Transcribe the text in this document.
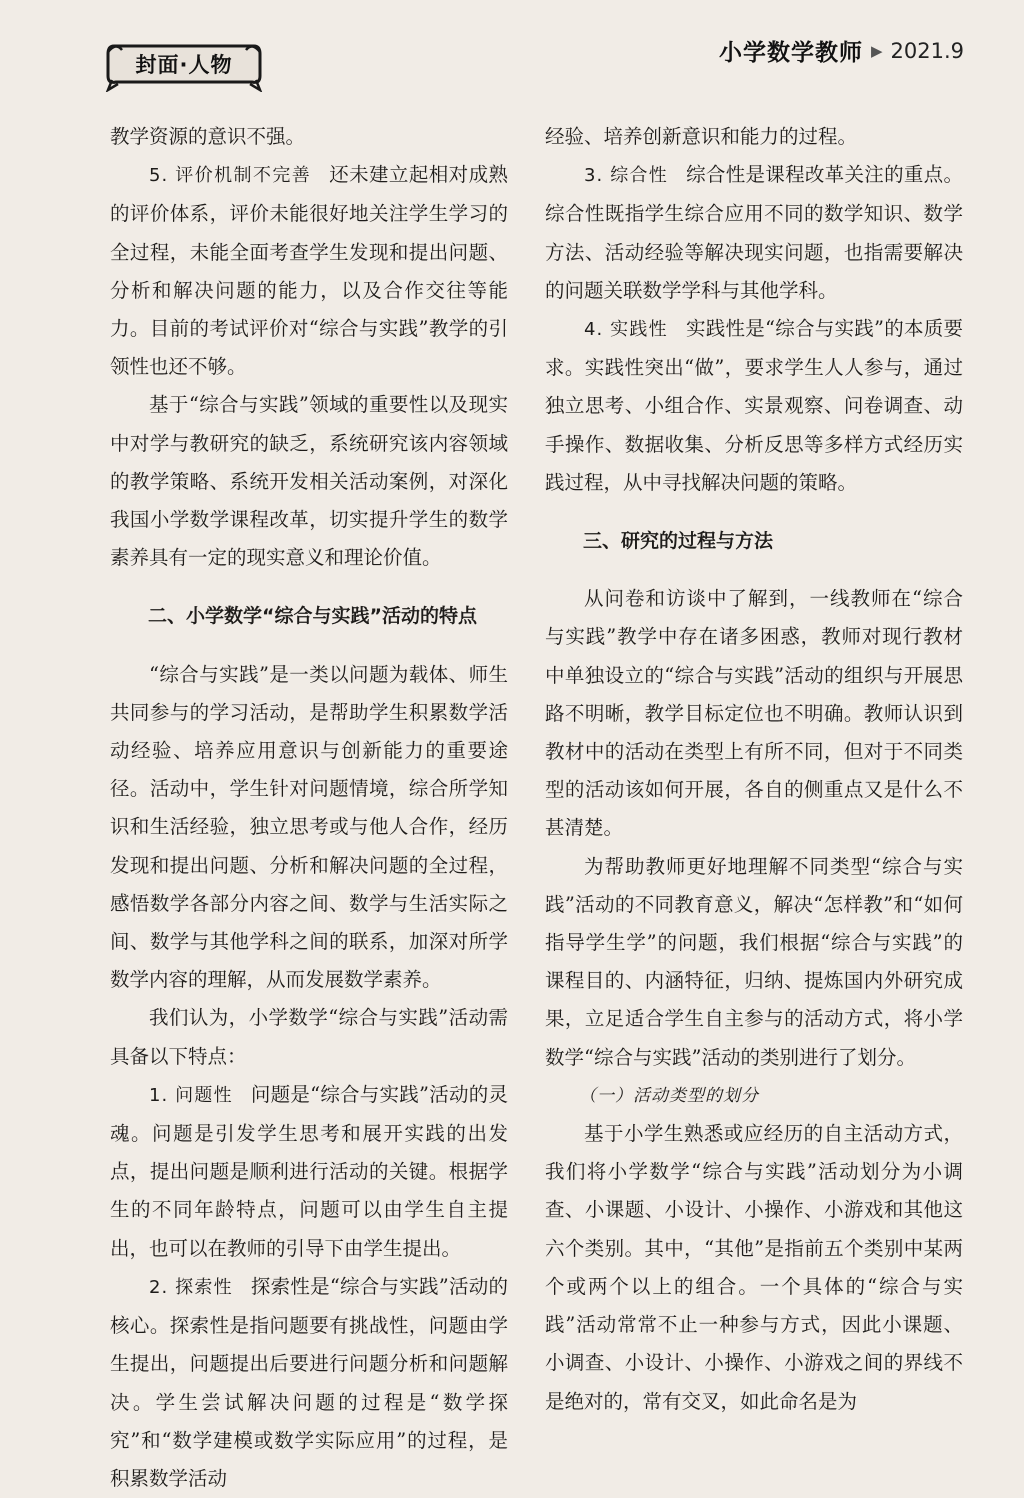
封面·人物	小学数学教师 ▶ 2021.9

教学资源的意识不强。

5. 评价机制不完善 还未建立起相对成熟的评价体系，评价未能很好地关注学生学习的全过程，未能全面考查学生发现和提出问题、分析和解决问题的能力，以及合作交往等能力。目前的考试评价对“综合与实践”教学的引领性也还不够。

基于“综合与实践”领域的重要性以及现实中对学与教研究的缺乏，系统研究该内容领域的教学策略、系统开发相关活动案例，对深化我国小学数学课程改革，切实提升学生的数学素养具有一定的现实意义和理论价值。

二、小学数学“综合与实践”活动的特点

“综合与实践”是一类以问题为载体、师生共同参与的学习活动，是帮助学生积累数学活动经验、培养应用意识与创新能力的重要途径。活动中，学生针对问题情境，综合所学知识和生活经验，独立思考或与他人合作，经历发现和提出问题、分析和解决问题的全过程，感悟数学各部分内容之间、数学与生活实际之间、数学与其他学科之间的联系，加深对所学数学内容的理解，从而发展数学素养。

我们认为，小学数学“综合与实践”活动需具备以下特点：

1. 问题性 问题是“综合与实践”活动的灵魂。问题是引发学生思考和展开实践的出发点，提出问题是顺利进行活动的关键。根据学生的不同年龄特点，问题可以由学生自主提出，也可以在教师的引导下由学生提出。

2. 探索性 探索性是“综合与实践”活动的核心。探索性是指问题要有挑战性，问题由学生提出，问题提出后要进行问题分析和问题解决。学生尝试解决问题的过程是“数学探究”和“数学建模或数学实际应用”的过程，是积累数学活动

经验、培养创新意识和能力的过程。

3. 综合性 综合性是课程改革关注的重点。综合性既指学生综合应用不同的数学知识、数学方法、活动经验等解决现实问题，也指需要解决的问题关联数学学科与其他学科。

4. 实践性 实践性是“综合与实践”的本质要求。实践性突出“做”，要求学生人人参与，通过独立思考、小组合作、实景观察、问卷调查、动手操作、数据收集、分析反思等多样方式经历实践过程，从中寻找解决问题的策略。

三、研究的过程与方法

从问卷和访谈中了解到，一线教师在“综合与实践”教学中存在诸多困惑，教师对现行教材中单独设立的“综合与实践”活动的组织与开展思路不明晰，教学目标定位也不明确。教师认识到教材中的活动在类型上有所不同，但对于不同类型的活动该如何开展，各自的侧重点又是什么不甚清楚。

为帮助教师更好地理解不同类型“综合与实践”活动的不同教育意义，解决“怎样教”和“如何指导学生学”的问题，我们根据“综合与实践”的课程目的、内涵特征，归纳、提炼国内外研究成果，立足适合学生自主参与的活动方式，将小学数学“综合与实践”活动的类别进行了划分。

（一）活动类型的划分

基于小学生熟悉或应经历的自主活动方式，我们将小学数学“综合与实践”活动划分为小调查、小课题、小设计、小操作、小游戏和其他这六个类别。其中，“其他”是指前五个类别中某两个或两个以上的组合。一个具体的“综合与实践”活动常常不止一种参与方式，因此小课题、小调查、小设计、小操作、小游戏之间的界线不是绝对的，常有交叉，如此命名是为
